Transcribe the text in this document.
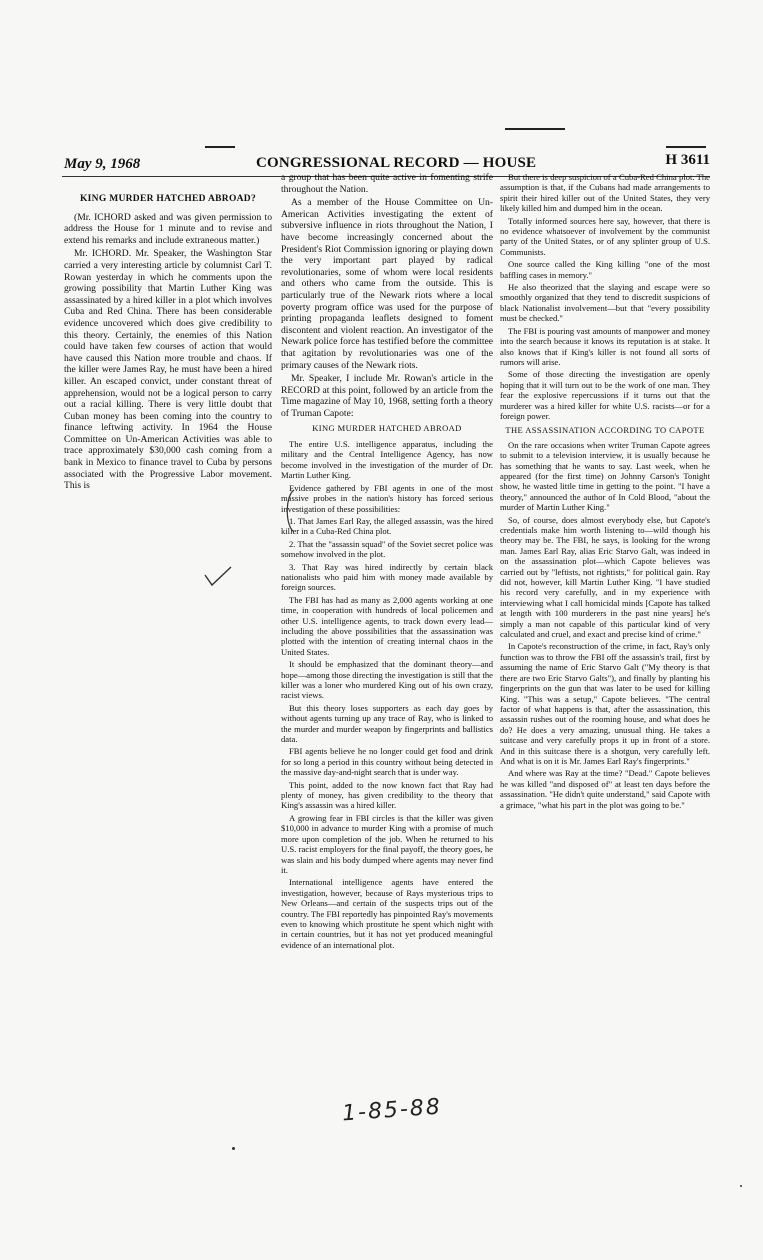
May 9, 1968	CONGRESSIONAL RECORD — HOUSE	H 3611
KING MURDER HATCHED ABROAD?

(Mr. ICHORD asked and was given permission to address the House for 1 minute and to revise and extend his remarks and include extraneous matter.)

Mr. ICHORD. Mr. Speaker, the Washington Star carried a very interesting article by columnist Carl T. Rowan yesterday in which he comments upon the growing possibility that Martin Luther King was assassinated by a hired killer in a plot which involves Cuba and Red China. There has been considerable evidence uncovered which does give credibility to this theory. Certainly, the enemies of this Nation could have taken few courses of action that would have caused this Nation more trouble and chaos. If the killer were James Ray, he must have been a hired killer. An escaped convict, under constant threat of apprehension, would not be a logical person to carry out a racial killing. There is very little doubt that Cuban money has been coming into the country to finance leftwing activity. In 1964 the House Committee on Un-American Activities was able to trace approximately $30,000 cash coming from a bank in Mexico to finance travel to Cuba by persons associated with the Progressive Labor movement. This is

a group that has been quite active in fomenting strife throughout the Nation.

As a member of the House Committee on Un-American Activities investigating the extent of subversive influence in riots throughout the Nation, I have become increasingly concerned about the President's Riot Commission ignoring or playing down the very important part played by radical revolutionaries, some of whom were local residents and others who came from the outside. This is particularly true of the Newark riots where a local poverty program office was used for the purpose of printing propaganda leaflets designed to foment discontent and violent reaction. An investigator of the Newark police force has testified before the committee that agitation by revolutionaries was one of the primary causes of the Newark riots.

Mr. Speaker, I include Mr. Rowan's article in the RECORD at this point, followed by an article from the Time magazine of May 10, 1968, setting forth a theory of Truman Capote:

KING MURDER HATCHED ABROAD

The entire U.S. intelligence apparatus, including the military and the Central Intelligence Agency, has now become involved in the investigation of the murder of Dr. Martin Luther King.

Evidence gathered by FBI agents in one of the most massive probes in the nation's history has forced serious investigation of these possibilities:

1. That James Earl Ray, the alleged assassin, was the hired killer in a Cuba-Red China plot.

2. That the "assassin squad" of the Soviet secret police was somehow involved in the plot.

3. That Ray was hired indirectly by certain black nationalists who paid him with money made available by foreign sources.

The FBI has had as many as 2,000 agents working at one time, in cooperation with hundreds of local policemen and other U.S. intelligence agents, to track down every lead—including the above possibilities that the assassination was plotted with the intention of creating internal chaos in the United States.

It should be emphasized that the dominant theory—and hope—among those directing the investigation is still that the killer was a loner who murdered King out of his own crazy, racist views.

But this theory loses supporters as each day goes by without agents turning up any trace of Ray, who is linked to the murder and murder weapon by fingerprints and ballistics data.

FBI agents believe he no longer could get food and drink for so long a period in this country without being detected in the massive day-and-night search that is under way.

This point, added to the now known fact that Ray had plenty of money, has given credibility to the theory that King's assassin was a hired killer.

A growing fear in FBI circles is that the killer was given $10,000 in advance to murder King with a promise of much more upon completion of the job. When he returned to his U.S. racist employers for the final payoff, the theory goes, he was slain and his body dumped where agents may never find it.

International intelligence agents have entered the investigation, however, because of Rays mysterious trips to New Orleans—and certain of the suspects trips out of the country. The FBI reportedly has pinpointed Ray's movements even to knowing which prostitute he spent which night with in certain countries, but it has not yet produced meaningful evidence of an international plot.

But there is deep suspicion of a Cuba-Red China plot. The assumption is that, if the Cubans had made arrangements to spirit their hired killer out of the United States, they very likely killed him and dumped him in the ocean.

Totally informed sources here say, however, that there is no evidence whatsoever of involvement by the communist party of the United States, or of any splinter group of U.S. Communists.

One source called the King killing "one of the most baffling cases in memory."

He also theorized that the slaying and escape were so smoothly organized that they tend to discredit suspicions of black Nationalist involvement—but that "every possibility must be checked."

The FBI is pouring vast amounts of manpower and money into the search because it knows its reputation is at stake. It also knows that if King's killer is not found all sorts of rumors will arise.

Some of those directing the investigation are openly hoping that it will turn out to be the work of one man. They fear the explosive repercussions if it turns out that the murderer was a hired killer for white U.S. racists—or for a foreign power.

THE ASSASSINATION ACCORDING TO CAPOTE

On the rare occasions when writer Truman Capote agrees to submit to a television interview, it is usually because he has something that he wants to say. Last week, when he appeared (for the first time) on Johnny Carson's Tonight show, he wasted little time in getting to the point. "I have a theory," announced the author of In Cold Blood, "about the murder of Martin Luther King."

So, of course, does almost everybody else, but Capote's credentials make him worth listening to—wild though his theory may be. The FBI, he says, is looking for the wrong man. James Earl Ray, alias Eric Starvo Galt, was indeed in on the assassination plot—which Capote believes was carried out by "leftists, not rightists," for political gain. Ray did not, however, kill Martin Luther King. "I have studied his record very carefully, and in my experience with interviewing what I call homicidal minds [Capote has talked at length with 100 murderers in the past nine years] he's simply a man not capable of this particular kind of very calculated and cruel, and exact and precise kind of crime."

In Capote's reconstruction of the crime, in fact, Ray's only function was to throw the FBI off the assassin's trail, first by assuming the name of Eric Starvo Galt ("My theory is that there are two Eric Starvo Galts"), and finally by planting his fingerprints on the gun that was later to be used for killing King. "This was a setup," Capote believes. "The central factor of what happens is that, after the assassination, this assassin rushes out of the rooming house, and what does he do? He does a very amazing, unusual thing. He takes a suitcase and very carefully props it up in front of a store. And in this suitcase there is a shotgun, very carefully left. And what is on it is Mr. James Earl Ray's fingerprints."

And where was Ray at the time? "Dead." Capote believes he was killed "and disposed of" at least ten days before the assassination. "He didn't quite understand," said Capote with a grimace, "what his part in the plot was going to be."

1-85-88
